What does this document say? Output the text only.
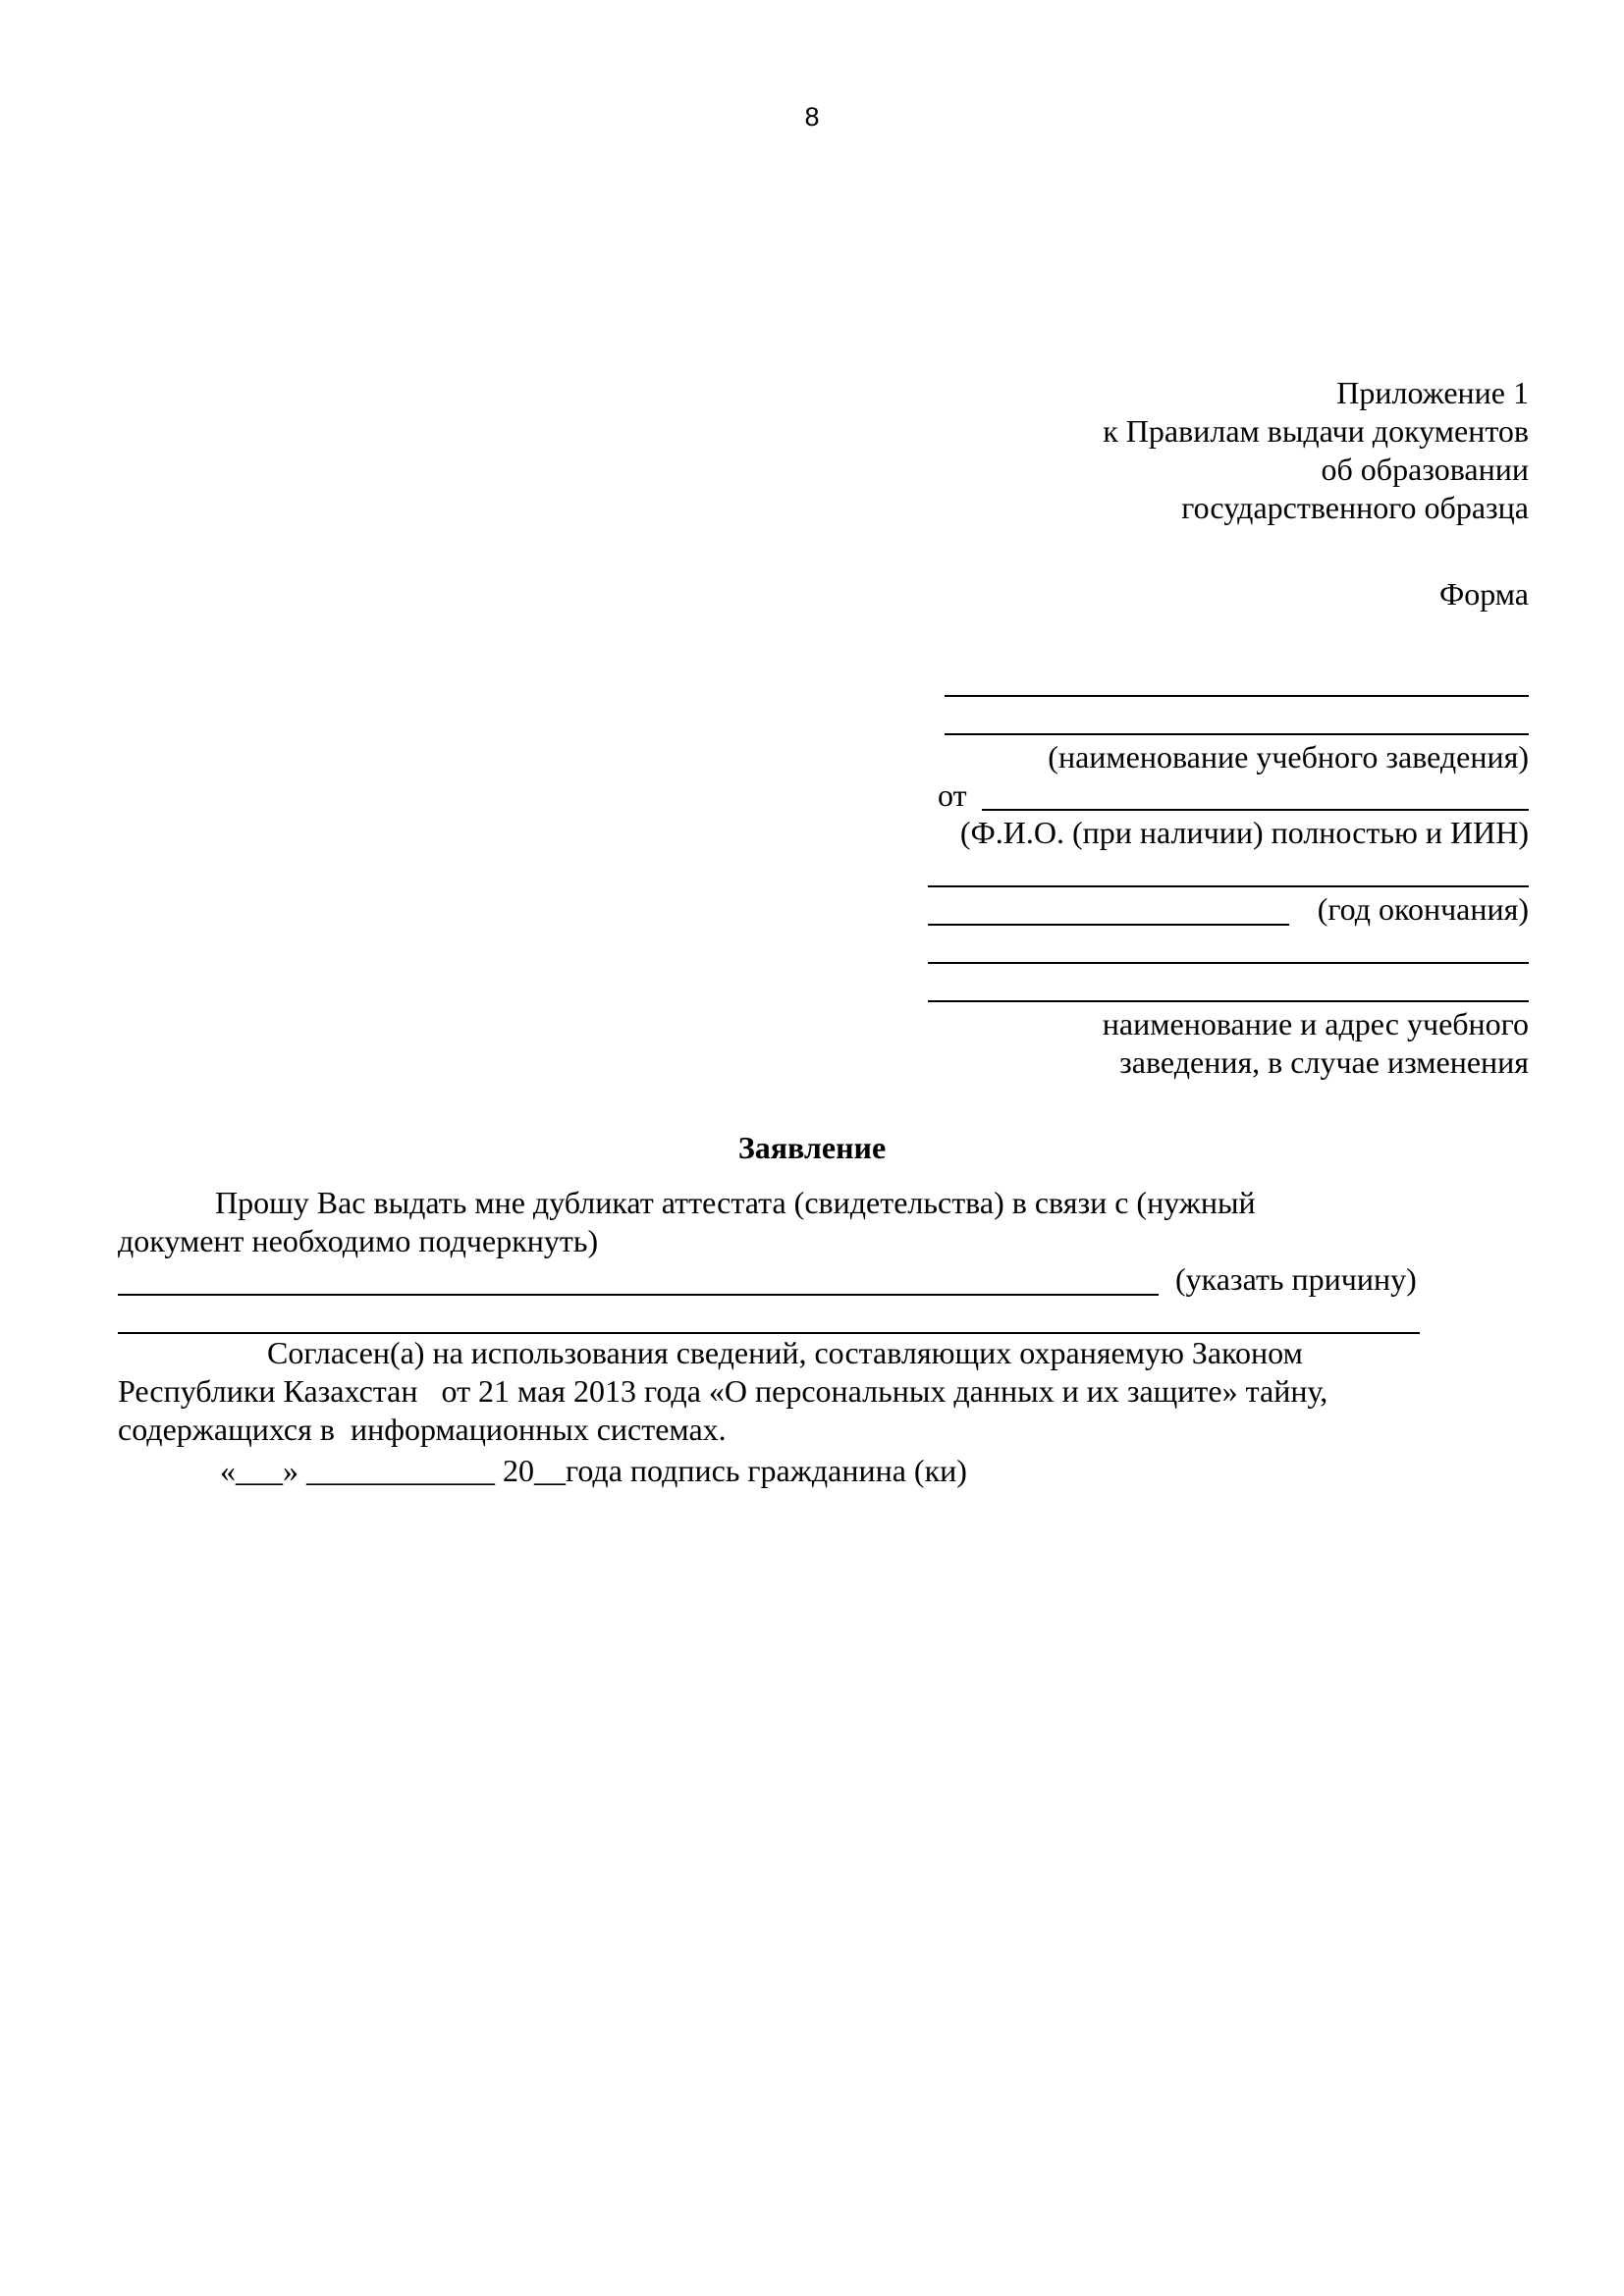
8
Приложение 1
к Правилам выдачи документов
об образовании
государственного образца
Форма
(наименование учебного заведения)
от
(Ф.И.О. (при наличии) полностью и ИИН)
(год окончания)
наименование и адрес учебного
заведения, в случае изменения
Заявление
Прошу Вас выдать мне дубликат аттестата (свидетельства) в связи с (нужный
документ необходимо подчеркнуть)
(указать причину)
Согласен(а) на использования сведений, составляющих охраняемую Законом
Республики Казахстан   от 21 мая 2013 года «О персональных данных и их защите» тайну,
содержащихся в  информационных системах.
«___» ____________ 20__года подпись гражданина (ки)
